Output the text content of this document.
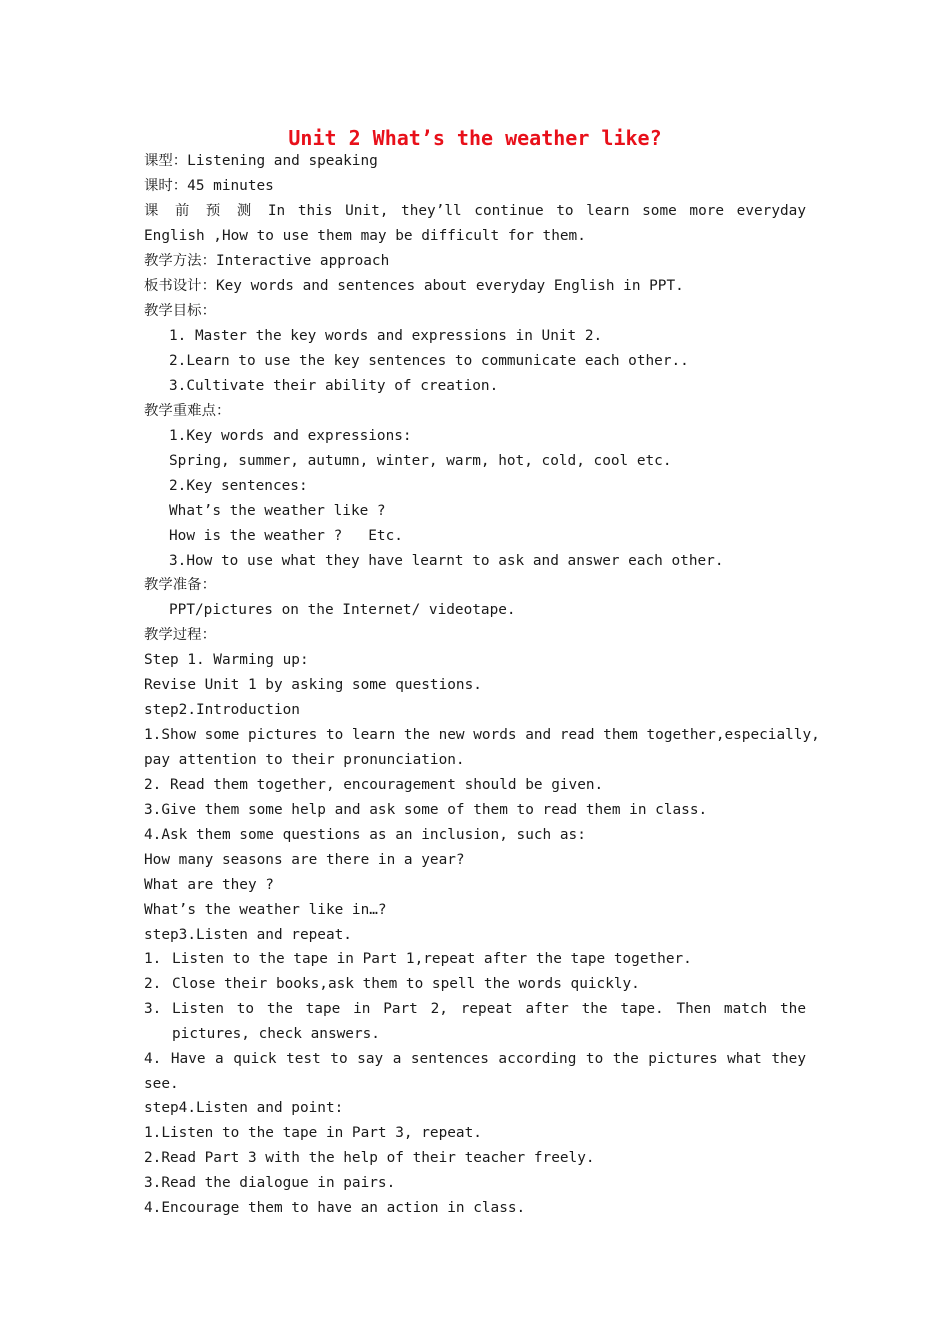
Unit 2 What’s the weather like?
课型：Listening and speaking
课时：45 minutes
课 前 预 测 In this Unit, they’ll continue to learn some more everyday
English ,How to use them may be difficult for them.
教学方法：Interactive approach
板书设计：Key words and sentences about everyday English in PPT.
教学目标：
1. Master the key words and expressions in Unit 2.
2.Learn to use the key sentences to communicate each other..
3.Cultivate their ability of creation.
教学重难点：
1.Key words and expressions:
Spring, summer, autumn, winter, warm, hot, cold, cool etc.
2.Key sentences:
What’s the weather like ?
How is the weather ?   Etc.
3.How to use what they have learnt to ask and answer each other.
教学准备：
PPT/pictures on the Internet/ videotape.
教学过程：
Step 1. Warming up:
Revise Unit 1 by asking some questions.
step2.Introduction
1.Show some pictures to learn the new words and read them together,especially,
pay attention to their pronunciation.
2. Read them together, encouragement should be given.
3.Give them some help and ask some of them to read them in class.
4.Ask them some questions as an inclusion, such as:
How many seasons are there in a year?
What are they ?
What’s the weather like in…?
step3.Listen and repeat.
1. Listen to the tape in Part 1,repeat after the tape together.
2. Close their books,ask them to spell the words quickly.
3. Listen to the tape in Part 2, repeat after the tape. Then match the
pictures, check answers.
4. Have a quick test to say a sentences according to the pictures what they
see.
step4.Listen and point:
1.Listen to the tape in Part 3, repeat.
2.Read Part 3 with the help of their teacher freely.
3.Read the dialogue in pairs.
4.Encourage them to have an action in class.
